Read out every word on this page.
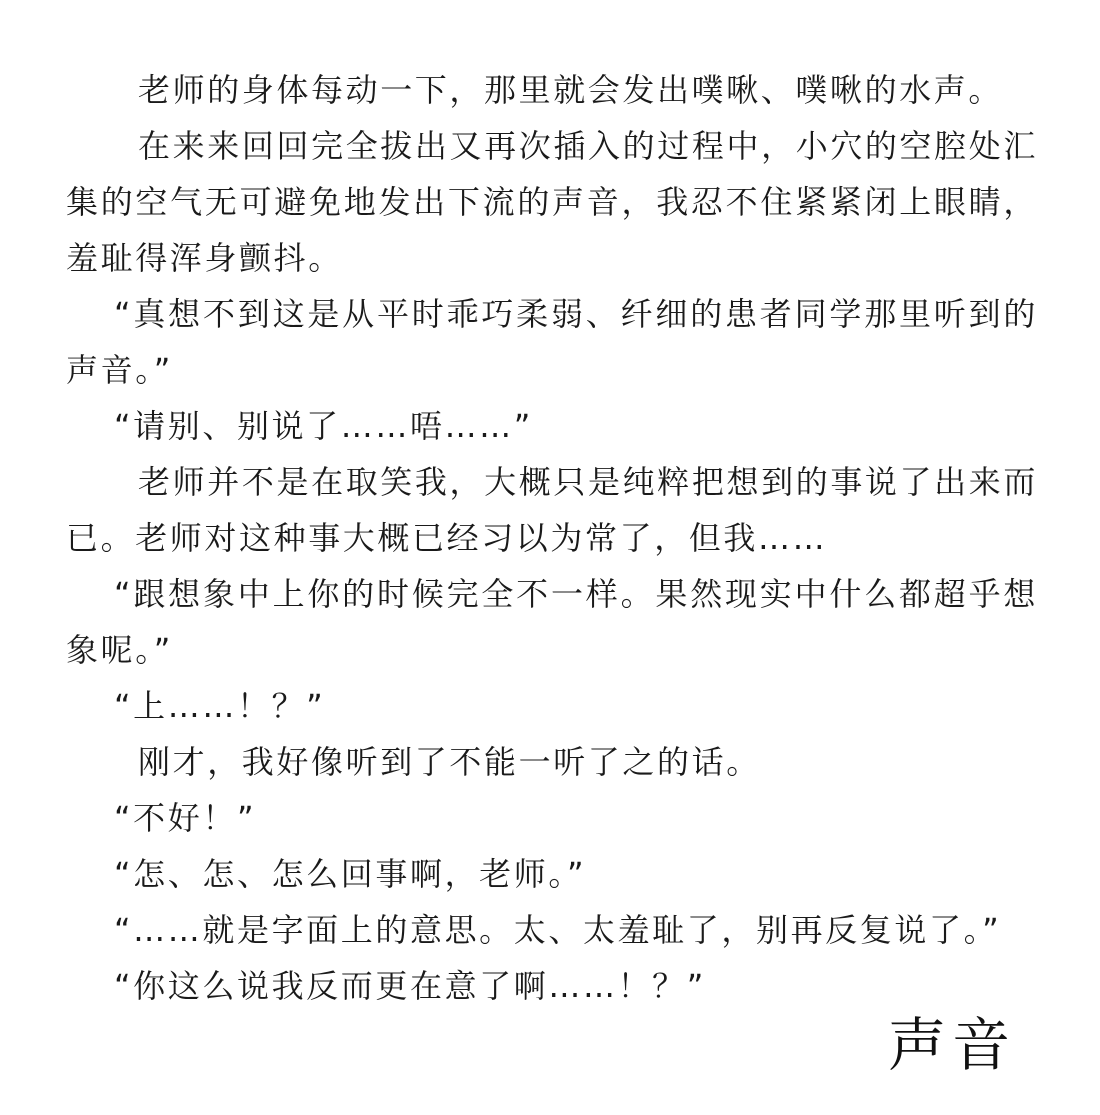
老师的身体每动一下，那里就会发出噗啾、噗啾的水声。

在来来回回完全拔出又再次插入的过程中，小穴的空腔处汇集的空气无可避免地发出下流的声音，我忍不住紧紧闭上眼睛，羞耻得浑身颤抖。

“真想不到这是从平时乖巧柔弱、纤细的患者同学那里听到的声音。”

“请别、别说了……唔……”

老师并不是在取笑我，大概只是纯粹把想到的事说了出来而已。老师对这种事大概已经习以为常了，但我……

“跟想象中上你的时候完全不一样。果然现实中什么都超乎想象呢。”

“上……！？”

刚才，我好像听到了不能一听了之的话。

“不好！”

“怎、怎、怎么回事啊，老师。”

“……就是字面上的意思。太、太羞耻了，别再反复说了。”

“你这么说我反而更在意了啊……！？”

声音
